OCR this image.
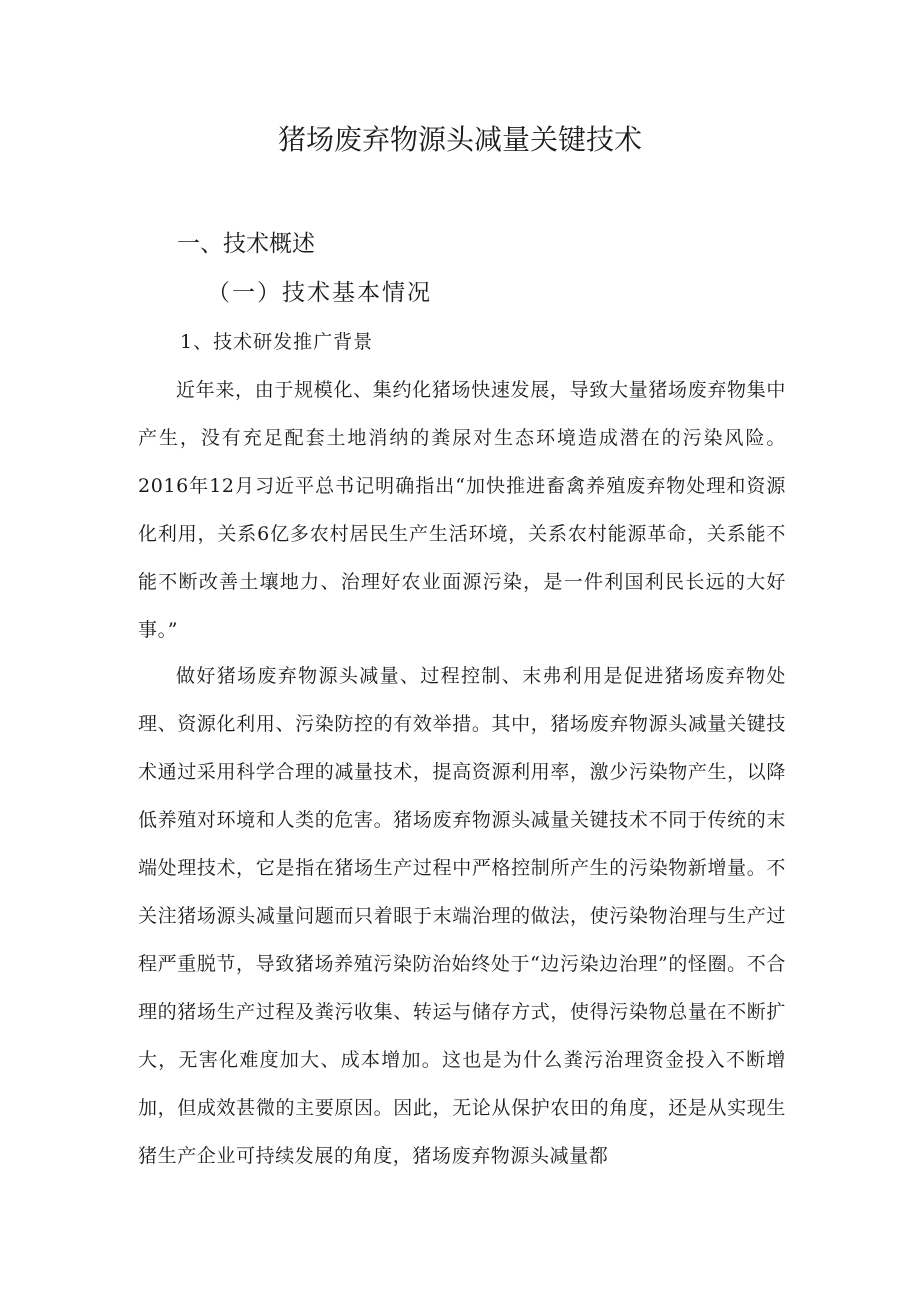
猪场废弃物源头减量关键技术
一、技术概述
（一）技术基本情况
1、技术研发推广背景

近年来，由于规模化、集约化猪场快速发展，导致大量猪场废弃物集中产生，没有充足配套土地消纳的粪尿对生态环境造成潜在的污染风险。2016年12月习近平总书记明确指出“加快推进畜禽养殖废弃物处理和资源化利用，关系6亿多农村居民生产生活环境，关系农村能源革命，关系能不能不断改善土壤地力、治理好农业面源污染，是一件利国利民长远的大好事。”

做好猪场废弃物源头减量、过程控制、末弗利用是促进猪场废弃物处理、资源化利用、污染防控的有效举措。其中，猪场废弃物源头减量关键技术通过采用科学合理的减量技术，提高资源利用率，激少污染物产生，以降低养殖对环境和人类的危害。猪场废弃物源头减量关键技术不同于传统的末端处理技术，它是指在猪场生产过程中严格控制所产生的污染物新增量。不关注猪场源头减量问题而只着眼于末端治理的做法，使污染物治理与生产过程严重脱节，导致猪场养殖污染防治始终处于“边污染边治理”的怪圈。不合理的猪场生产过程及粪污收集、转运与储存方式，使得污染物总量在不断扩大，无害化难度加大、成本增加。这也是为什么粪污治理资金投入不断增加，但成效甚微的主要原因。因此，无论从保护农田的角度，还是从实现生猪生产企业可持续发展的角度，猪场废弃物源头减量都
